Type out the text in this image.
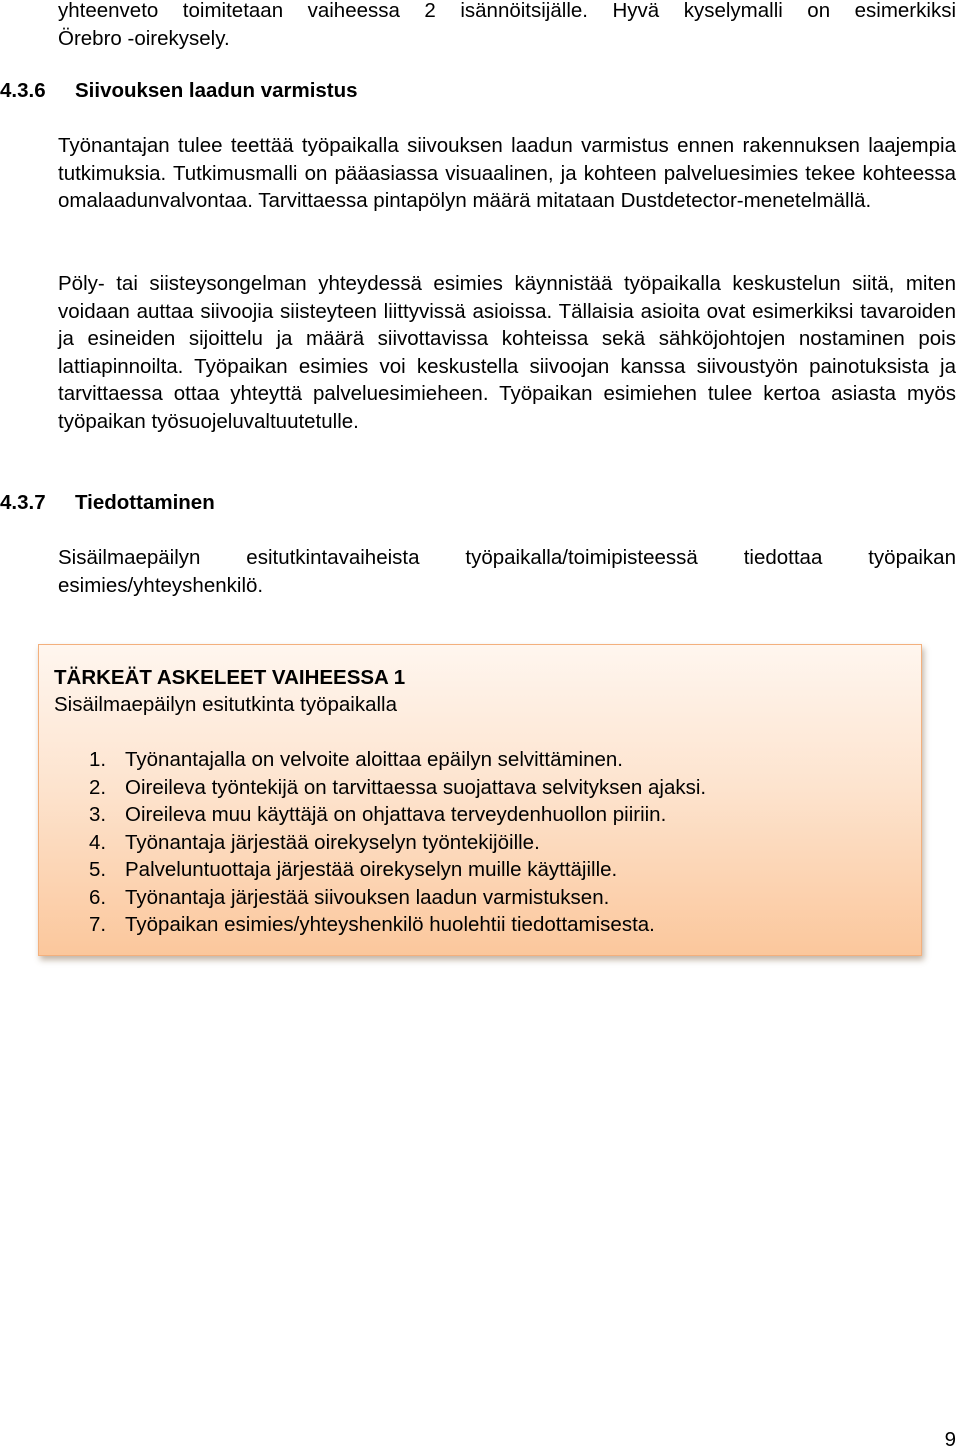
yhteenveto toimitetaan vaiheessa 2 isännöitsijälle. Hyvä kyselymalli on esimerkiksi
Örebro -oirekysely.

4.3.6 Siivouksen laadun varmistus

Työnantajan tulee teettää työpaikalla siivouksen laadun varmistus ennen rakennuksen laajempia tutkimuksia. Tutkimusmalli on pääasiassa visuaalinen, ja kohteen palveluesimies tekee kohteessa omalaadunvalvontaa. Tarvittaessa pintapölyn määrä mitataan Dustdetector-menetelmällä.

Pöly- tai siisteysongelman yhteydessä esimies käynnistää työpaikalla keskustelun siitä, miten voidaan auttaa siivoojia siisteyteen liittyvissä asioissa. Tällaisia asioita ovat esimerkiksi tavaroiden ja esineiden sijoittelu ja määrä siivottavissa kohteissa sekä sähköjohtojen nostaminen pois lattiapinnoilta. Työpaikan esimies voi keskustella siivoojan kanssa siivoustyön painotuksista ja tarvittaessa ottaa yhteyttä palveluesimieheen. Työpaikan esimiehen tulee kertoa asiasta myös työpaikan työsuojeluvaltuutetulle.

4.3.7 Tiedottaminen

Sisäilmaepäilyn esitutkintavaiheista työpaikalla/toimipisteessä tiedottaa työpaikan esimies/yhteyshenkilö.

TÄRKEÄT ASKELEET VAIHEESSA 1

Sisäilmaepäilyn esitutkinta työpaikalla

1. Työnantajalla on velvoite aloittaa epäilyn selvittäminen.
2. Oireileva työntekijä on tarvittaessa suojattava selvityksen ajaksi.
3. Oireileva muu käyttäjä on ohjattava terveydenhuollon piiriin.
4. Työnantaja järjestää oirekyselyn työntekijöille.
5. Palveluntuottaja järjestää oirekyselyn muille käyttäjille.
6. Työnantaja järjestää siivouksen laadun varmistuksen.
7. Työpaikan esimies/yhteyshenkilö huolehtii tiedottamisesta.
9
